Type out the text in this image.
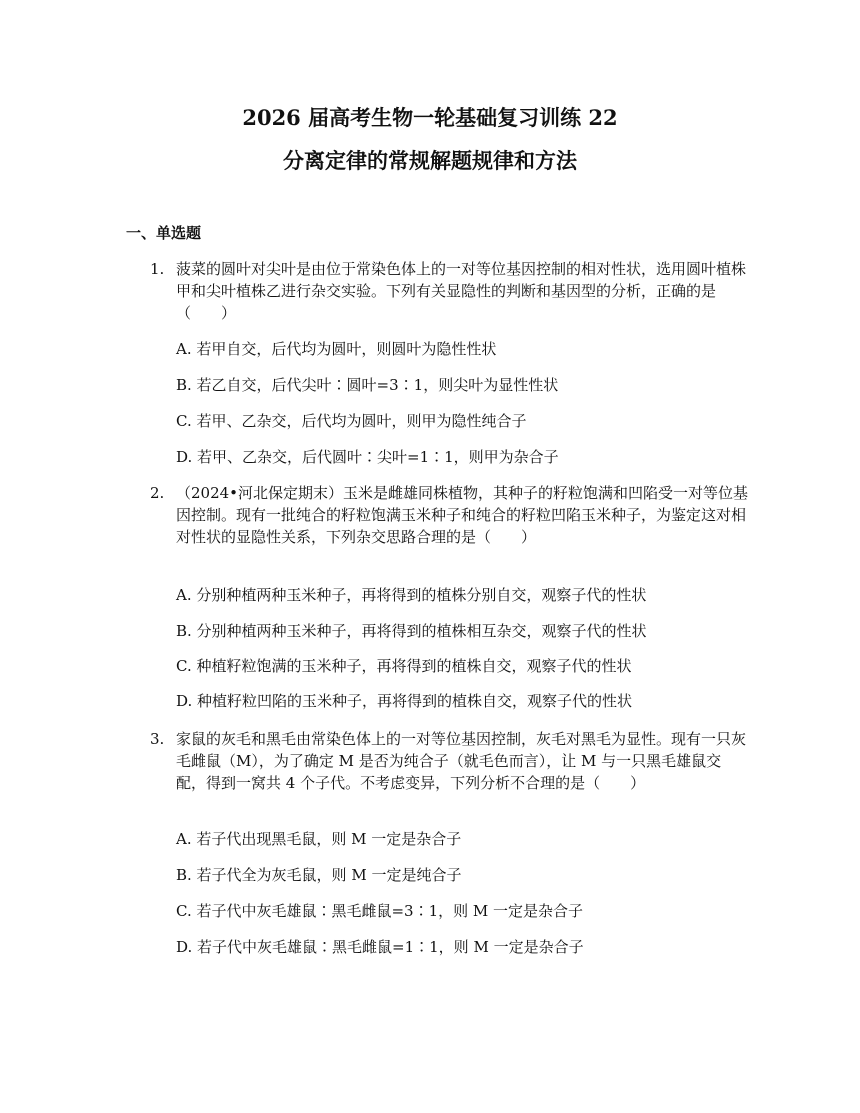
2026 届高考生物一轮基础复习训练 22
分离定律的常规解题规律和方法
一、单选题
1. 菠菜的圆叶对尖叶是由位于常染色体上的一对等位基因控制的相对性状，选用圆叶植株甲和尖叶植株乙进行杂交实验。下列有关显隐性的判断和基因型的分析，正确的是（　　）
A. 若甲自交，后代均为圆叶，则圆叶为隐性性状
B. 若乙自交，后代尖叶∶圆叶=3∶1，则尖叶为显性性状
C. 若甲、乙杂交，后代均为圆叶，则甲为隐性纯合子
D. 若甲、乙杂交，后代圆叶∶尖叶=1∶1，则甲为杂合子
2. （2024•河北保定期末）玉米是雌雄同株植物，其种子的籽粒饱满和凹陷受一对等位基因控制。现有一批纯合的籽粒饱满玉米种子和纯合的籽粒凹陷玉米种子，为鉴定这对相对性状的显隐性关系，下列杂交思路合理的是（　　）
A. 分别种植两种玉米种子，再将得到的植株分别自交，观察子代的性状
B. 分别种植两种玉米种子，再将得到的植株相互杂交，观察子代的性状
C. 种植籽粒饱满的玉米种子，再将得到的植株自交，观察子代的性状
D. 种植籽粒凹陷的玉米种子，再将得到的植株自交，观察子代的性状
3. 家鼠的灰毛和黑毛由常染色体上的一对等位基因控制，灰毛对黑毛为显性。现有一只灰毛雌鼠（M），为了确定 M 是否为纯合子（就毛色而言），让 M 与一只黑毛雄鼠交配，得到一窝共 4 个子代。不考虑变异，下列分析不合理的是（　　）
A. 若子代出现黑毛鼠，则 M 一定是杂合子
B. 若子代全为灰毛鼠，则 M 一定是纯合子
C. 若子代中灰毛雄鼠∶黑毛雌鼠=3∶1，则 M 一定是杂合子
D. 若子代中灰毛雄鼠∶黑毛雌鼠=1∶1，则 M 一定是杂合子
